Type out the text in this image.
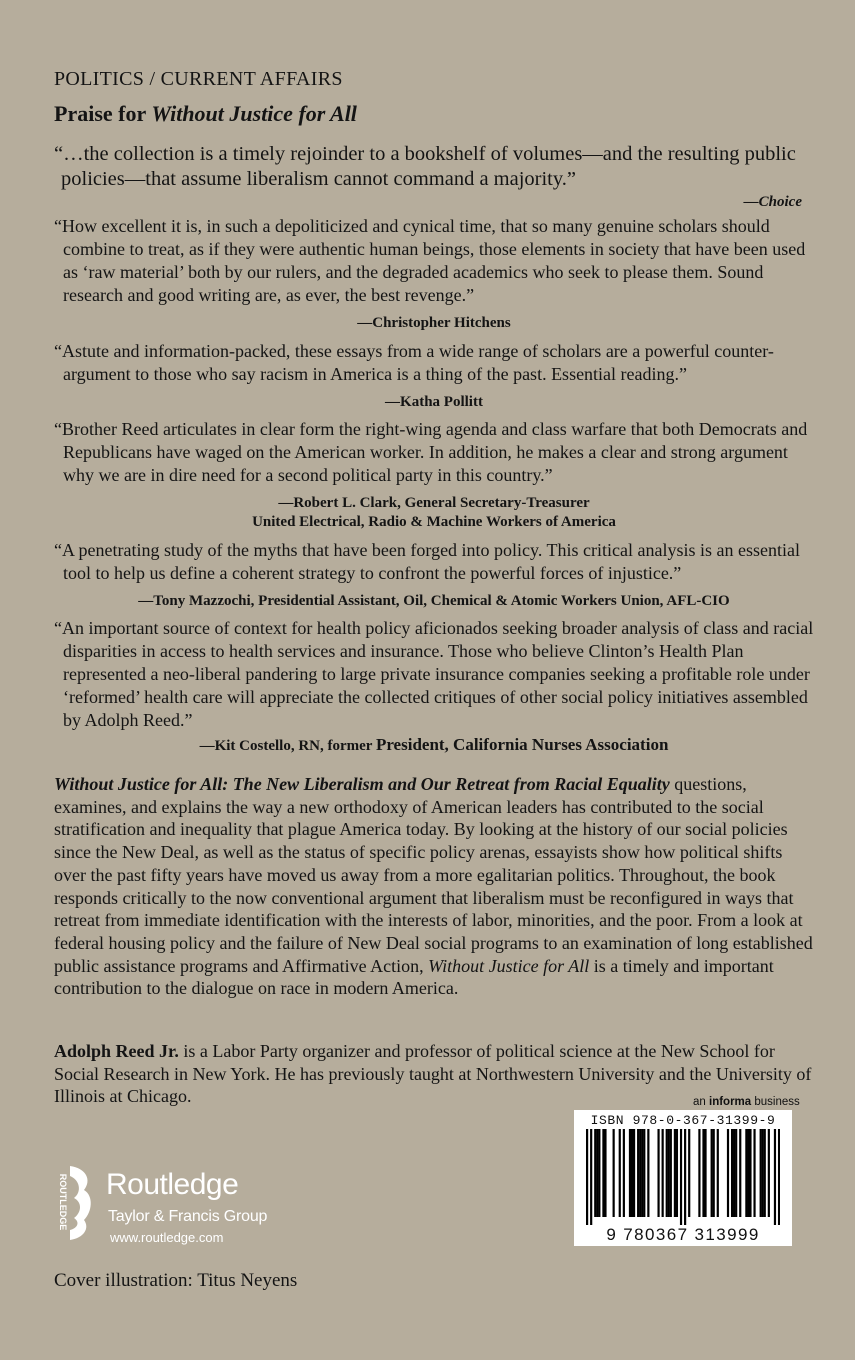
POLITICS / CURRENT AFFAIRS
Praise for Without Justice for All

“…the collection is a timely rejoinder to a bookshelf of volumes—and the resulting public policies—that assume liberalism cannot command a majority.”

—Choice

“How excellent it is, in such a depoliticized and cynical time, that so many genuine scholars should combine to treat, as if they were authentic human beings, those elements in society that have been used as ‘raw material’ both by our rulers, and the degraded academics who seek to please them. Sound research and good writing are, as ever, the best revenge.”

—Christopher Hitchens

“Astute and information-packed, these essays from a wide range of scholars are a powerful counter-argument to those who say racism in America is a thing of the past. Essential reading.”

—Katha Pollitt

“Brother Reed articulates in clear form the right-wing agenda and class warfare that both Democrats and Republicans have waged on the American worker. In addition, he makes a clear and strong argument why we are in dire need for a second political party in this country.”

—Robert L. Clark, General Secretary-Treasurer
United Electrical, Radio & Machine Workers of America

“A penetrating study of the myths that have been forged into policy. This critical analysis is an essential tool to help us define a coherent strategy to confront the powerful forces of injustice.”

—Tony Mazzochi, Presidential Assistant, Oil, Chemical & Atomic Workers Union, AFL-CIO

“An important source of context for health policy aficionados seeking broader analysis of class and racial disparities in access to health services and insurance. Those who believe Clinton’s Health Plan represented a neo-liberal pandering to large private insurance companies seeking a profitable role under ‘reformed’ health care will appreciate the collected critiques of other social policy initiatives assembled by Adolph Reed.”

—Kit Costello, RN, former President, California Nurses Association

Without Justice for All: The New Liberalism and Our Retreat from Racial Equality questions, examines, and explains the way a new orthodoxy of American leaders has contributed to the social stratification and inequality that plague America today. By looking at the history of our social policies since the New Deal, as well as the status of specific policy arenas, essayists show how political shifts over the past fifty years have moved us away from a more egalitarian politics. Throughout, the book responds critically to the now conventional argument that liberalism must be reconfigured in ways that retreat from immediate identification with the interests of labor, minorities, and the poor. From a look at federal housing policy and the failure of New Deal social programs to an examination of long established public assistance programs and Affirmative Action, Without Justice for All is a timely and important contribution to the dialogue on race in modern America.

Adolph Reed Jr. is a Labor Party organizer and professor of political science at the New School for Social Research in New York. He has previously taught at Northwestern University and the University of Illinois at Chicago.	an informa business
ISBN 978-0-367-31399-9
9 780367 313999
ROUTLEDGE Routledge
Taylor & Francis Group
www.routledge.com
Cover illustration: Titus Neyens
